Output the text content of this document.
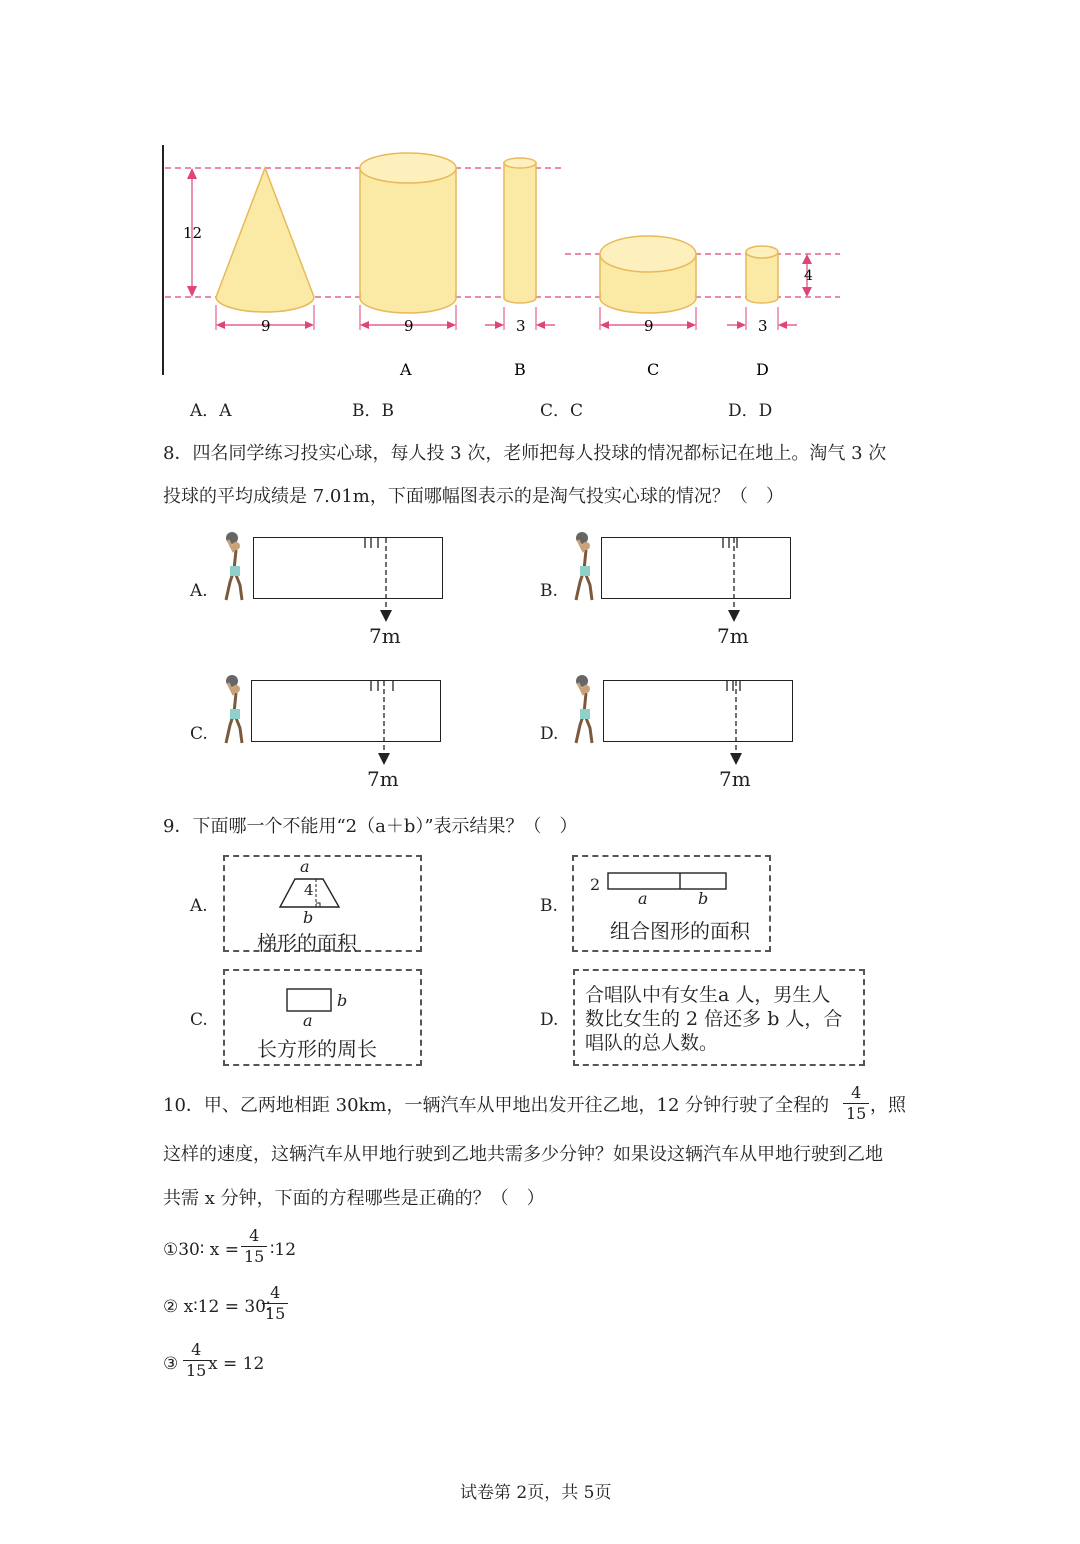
12
9	9	3	9	3
4
A	B	C	D
A．A	B．B	C．C	D．D
8．四名同学练习投实心球，每人投 3 次，老师把每人投球的情况都标记在地上。淘气 3 次
投球的平均成绩是 7.01m，下面哪幅图表示的是淘气投实心球的情况？（　）
A.
7m
B.
7m
C.
7m
D.
7m
9．下面哪一个不能用“2（a＋b）”表示结果？（　）
A.
a
4
b
梯形的面积
B.
2
a	b
组合图形的面积
C.
b
a
长方形的周长
D.
合唱队中有女生a 人，男生人
数比女生的 2 倍还多 b 人，合
唱队的总人数。
10．甲、乙两地相距 30km，一辆汽车从甲地出发开往乙地，12 分钟行驶了全程的 $\frac{4}{15}$ ，照
这样的速度，这辆汽车从甲地行驶到乙地共需多少分钟？如果设这辆汽车从甲地行驶到乙地
共需 x 分钟，下面的方程哪些是正确的？（　）
①30∶ $x = \frac{4}{15}$ ∶12
② x∶12 = 30∶
$\frac{4}{15}$
③ $\frac{4}{15}$
x = 12
试卷第 2页，共 5页
